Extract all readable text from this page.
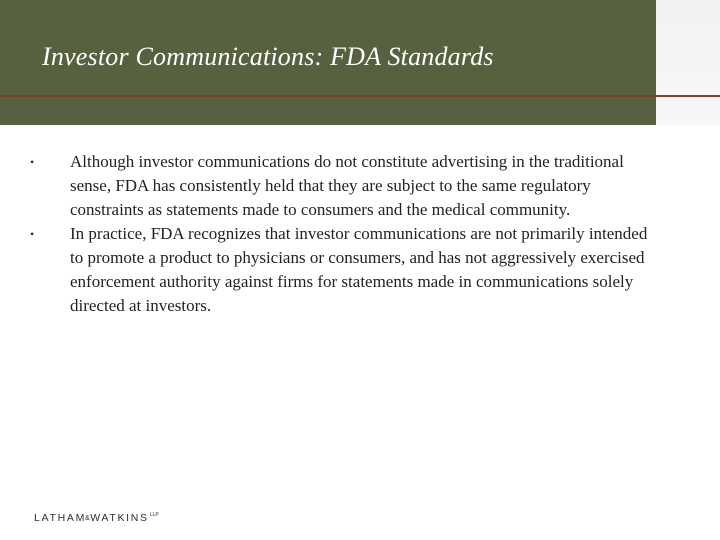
Investor Communications: FDA Standards
•	Although investor communications do not constitute advertising in the traditional sense, FDA has consistently held that they are subject to the same regulatory constraints as statements made to consumers and the medical community.
•	In practice, FDA recognizes that investor communications are not primarily intended to promote a product to physicians or consumers, and has not aggressively exercised enforcement authority against firms for statements made in communications solely directed at investors.
LATHAM & WATKINS LLP
